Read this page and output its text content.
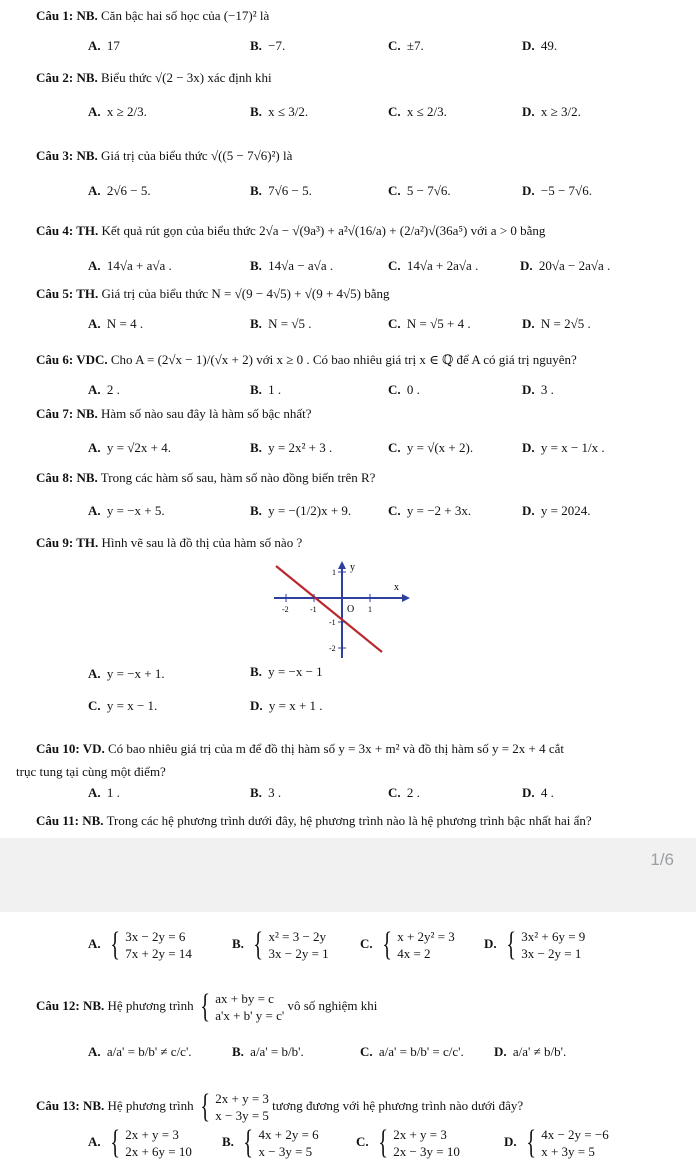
Câu 1: NB. Căn bậc hai số học của (−17)² là
A. 17	B. −7.	C. ±7.	D. 49.
Câu 2: NB. Biểu thức √(2 − 3x) xác định khi
A. x ≥ 2/3.	B. x ≤ 3/2.	C. x ≤ 2/3.	D. x ≥ 3/2.
Câu 3: NB. Giá trị của biểu thức √((5 − 7√6)²) là
A. 2√6 − 5.	B. 7√6 − 5.	C. 5 − 7√6.	D. −5 − 7√6.
Câu 4: TH. Kết quả rút gọn của biểu thức 2√a − √(9a³) + a²√(16/a) + (2/a²)√(36a⁵) với a > 0 bằng
A. 14√a + a√a .	B. 14√a − a√a .	C. 14√a + 2a√a .	D. 20√a − 2a√a .
Câu 5: TH. Giá trị của biểu thức N = √(9 − 4√5) + √(9 + 4√5) bằng
A. N = 4 .	B. N = √5 .	C. N = √5 + 4 .	D. N = 2√5 .
Câu 6: VDC. Cho A = (2√x − 1)/(√x + 2) với x ≥ 0 . Có bao nhiêu giá trị x ∈ ℚ để A có giá trị nguyên?
A. 2 .	B. 1 .	C. 0 .	D. 3 .
Câu 7: NB. Hàm số nào sau đây là hàm số bậc nhất?
A. y = √2x + 4.	B. y = 2x² + 3 .	C. y = √(x + 2).	D. y = x − 1/x .
Câu 8: NB. Trong các hàm số sau, hàm số nào đồng biến trên R?
A. y = −x + 5.	B. y = −(1/2)x + 9.	C. y = −2 + 3x.	D. y = 2024.
Câu 9: TH. Hình vẽ sau là đồ thị của hàm số nào ?
-2	-1	1
1
-1
-2
y
x
O
A. y = −x + 1.	B. y = −x − 1
C. y = x − 1.	D. y = x + 1 .
Câu 10: VD. Có bao nhiêu giá trị của m để đồ thị hàm số y = 3x + m² và đồ thị hàm số y = 2x + 4 cắt
trục tung tại cùng một điểm?
A. 1 .	B. 3 .	C. 2 .	D. 4 .
Câu 11: NB. Trong các hệ phương trình dưới đây, hệ phương trình nào là hệ phương trình bậc nhất hai ẩn?
1/6
A. { 3x − 2y = 6
7x + 2y = 14
B. { x² = 3 − 2y
3x − 2y = 1
C. { x + 2y² = 3
4x = 2
D. { 3x² + 6y = 9
3x − 2y = 1
Câu 12: NB. Hệ phương trình { ax + by = c
a'x + b' y = c'
vô số nghiệm khi
A. a/a' = b/b' ≠ c/c'.	B. a/a' = b/b'.	C. a/a' = b/b' = c/c'. D. a/a' ≠ b/b'.
Câu 13: NB. Hệ phương trình { 2x + y = 3
x − 3y = 5
tương đương với hệ phương trình nào dưới đây?
A. { 2x + y = 3
2x + 6y = 10
B. { 4x + 2y = 6
x − 3y = 5
C. { 2x + y = 3
2x − 3y = 10
D. { 4x − 2y = −6
x + 3y = 5
